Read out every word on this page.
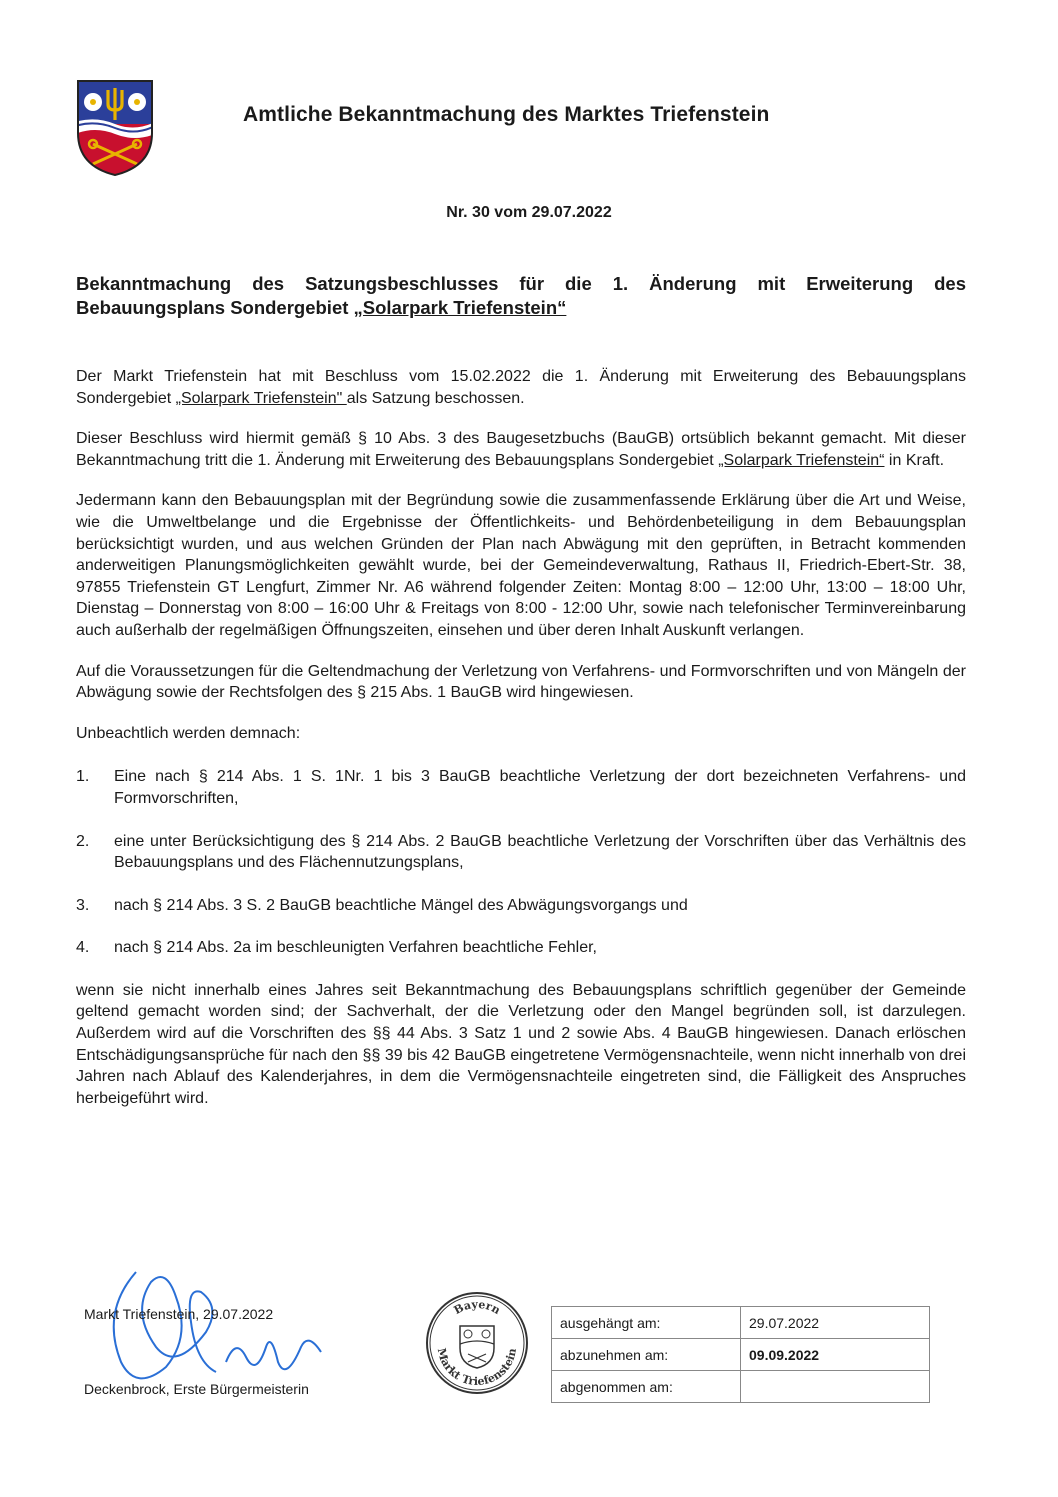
Amtliche Bekanntmachung des Marktes Triefenstein
Nr. 30 vom 29.07.2022
Bekanntmachung des Satzungsbeschlusses für die 1. Änderung mit Erweiterung des Bebauungsplans Sondergebiet „Solarpark Triefenstein“

Der Markt Triefenstein hat mit Beschluss vom 15.02.2022 die 1. Änderung mit Erweiterung des Bebauungsplans Sondergebiet „Solarpark Triefenstein" als Satzung beschossen.

Dieser Beschluss wird hiermit gemäß § 10 Abs. 3 des Baugesetzbuchs (BauGB) ortsüblich bekannt gemacht. Mit dieser Bekanntmachung tritt die 1. Änderung mit Erweiterung des Bebauungsplans Sondergebiet „Solarpark Triefenstein“ in Kraft.

Jedermann kann den Bebauungsplan mit der Begründung sowie die zusammenfassende Erklärung über die Art und Weise, wie die Umweltbelange und die Ergebnisse der Öffentlichkeits- und Behördenbeteiligung in dem Bebauungsplan berücksichtigt wurden, und aus welchen Gründen der Plan nach Abwägung mit den geprüften, in Betracht kommenden anderweitigen Planungsmöglichkeiten gewählt wurde, bei der Gemeindeverwaltung, Rathaus II, Friedrich-Ebert-Str. 38, 97855 Triefenstein GT Lengfurt, Zimmer Nr. A6 während folgender Zeiten: Montag 8:00 – 12:00 Uhr, 13:00 – 18:00 Uhr, Dienstag – Donnerstag von 8:00 – 16:00 Uhr & Freitags von 8:00 - 12:00 Uhr, sowie nach telefonischer Terminvereinbarung auch außerhalb der regelmäßigen Öffnungszeiten, einsehen und über deren Inhalt Auskunft verlangen.

Auf die Voraussetzungen für die Geltendmachung der Verletzung von Verfahrens- und Formvorschriften und von Mängeln der Abwägung sowie der Rechtsfolgen des § 215 Abs. 1 BauGB wird hingewiesen.

Unbeachtlich werden demnach:

1.	Eine nach § 214 Abs. 1 S. 1Nr. 1 bis 3 BauGB beachtliche Verletzung der dort bezeichneten Verfahrens- und Formvorschriften,
2.	eine unter Berücksichtigung des § 214 Abs. 2 BauGB beachtliche Verletzung der Vorschriften über das Verhältnis des Bebauungsplans und des Flächennutzungsplans,
3.	nach § 214 Abs. 3 S. 2 BauGB beachtliche Mängel des Abwägungsvorgangs und
4.	nach § 214 Abs. 2a im beschleunigten Verfahren beachtliche Fehler,

wenn sie nicht innerhalb eines Jahres seit Bekanntmachung des Bebauungsplans schriftlich gegenüber der Gemeinde geltend gemacht worden sind; der Sachverhalt, der die Verletzung oder den Mangel begründen soll, ist darzulegen. Außerdem wird auf die Vorschriften des §§ 44 Abs. 3 Satz 1 und 2 sowie Abs. 4 BauGB hingewiesen. Danach erlöschen Entschädigungsansprüche für nach den §§ 39 bis 42 BauGB eingetretene Vermögensnachteile, wenn nicht innerhalb von drei Jahren nach Ablauf des Kalenderjahres, in dem die Vermögensnachteile eingetreten sind, die Fälligkeit des Anspruches herbeigeführt wird.

Markt Triefenstein, 29.07.2022
Deckenbrock, Erste Bürgermeisterin
Bayern
Markt Triefenstein
ausgehängt am:	29.07.2022
abzunehmen am:	09.09.2022
abgenommen am:	
